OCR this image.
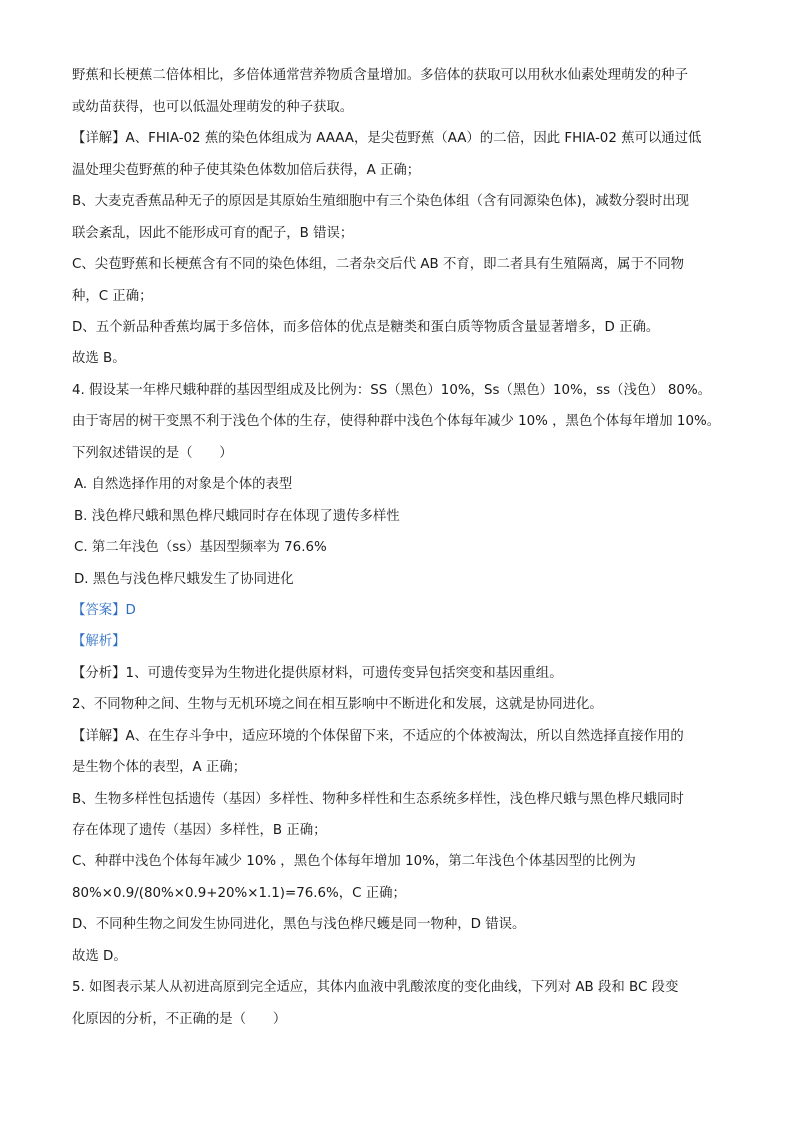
野蕉和长梗蕉二倍体相比，多倍体通常营养物质含量增加。多倍体的获取可以用秋水仙素处理萌发的种子
或幼苗获得，也可以低温处理萌发的种子获取。
【详解】A、FHIA-02 蕉的染色体组成为 AAAA，是尖苞野蕉（AA）的二倍，因此 FHIA-02 蕉可以通过低
温处理尖苞野蕉的种子使其染色体数加倍后获得，A 正确；
B、大麦克香蕉品种无子的原因是其原始生殖细胞中有三个染色体组（含有同源染色体)，减数分裂时出现
联会紊乱，因此不能形成可育的配子，B 错误；
C、尖苞野蕉和长梗蕉含有不同的染色体组，二者杂交后代 AB 不育，即二者具有生殖隔离，属于不同物
种，C 正确；
D、五个新品种香蕉均属于多倍体，而多倍体的优点是糖类和蛋白质等物质含量显著增多，D 正确。
故选 B。
4. 假设某一年桦尺蛾种群的基因型组成及比例为：SS（黑色）10%，Ss（黑色）10%，ss（浅色） 80%。
由于寄居的树干变黑不利于浅色个体的生存，使得种群中浅色个体每年减少 10% ，黑色个体每年增加 10%。
下列叙述错误的是（　　）
A. 自然选择作用的对象是个体的表型
B. 浅色桦尺蛾和黑色桦尺蛾同时存在体现了遗传多样性
C. 第二年浅色（ss）基因型频率为 76.6%
D. 黑色与浅色桦尺蛾发生了协同进化
【答案】D
【解析】
【分析】1、可遗传变异为生物进化提供原材料，可遗传变异包括突变和基因重组。
2、不同物种之间、生物与无机环境之间在相互影响中不断进化和发展，这就是协同进化。
【详解】A、在生存斗争中，适应环境的个体保留下来，不适应的个体被淘汰，所以自然选择直接作用的
是生物个体的表型，A 正确；
B、生物多样性包括遗传（基因）多样性、物种多样性和生态系统多样性，浅色桦尺蛾与黑色桦尺蛾同时
存在体现了遗传（基因）多样性，B 正确；
C、种群中浅色个体每年减少 10% ，黑色个体每年增加 10%，第二年浅色个体基因型的比例为
80%×0.9/(80%×0.9+20%×1.1)=76.6%，C 正确；
D、不同种生物之间发生协同进化，黑色与浅色桦尺蠖是同一物种，D 错误。
故选 D。
5. 如图表示某人从初进高原到完全适应，其体内血液中乳酸浓度的变化曲线，下列对 AB 段和 BC 段变
化原因的分析，不正确的是（　　）
